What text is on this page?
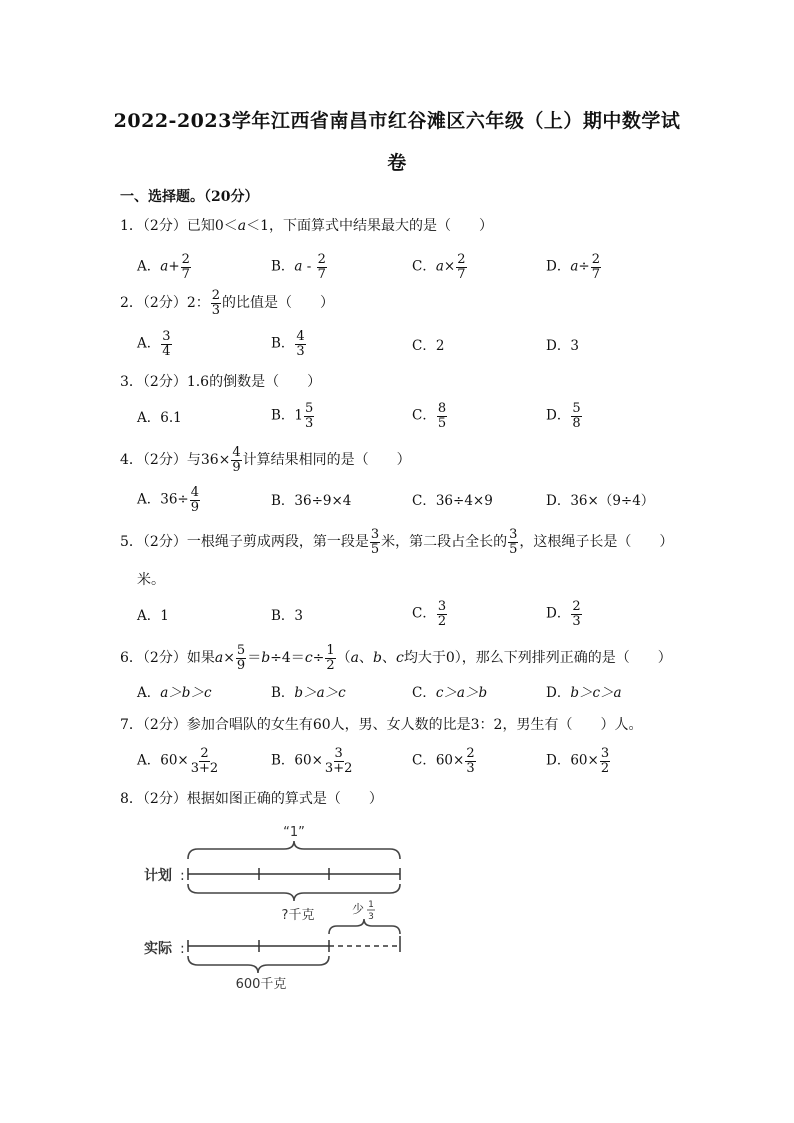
2022-2023学年江西省南昌市红谷滩区六年级（上）期中数学试
卷
一、选择题。（20分）
1．（2分）已知0＜a＜1，下面算式中结果最大的是（　　）
A．$a+ \frac{2}{7}$	B．a - $\frac{2}{7}$	C．$a\times \frac{2}{7}$	D．$a\div \frac{2}{7}$
2．（2分）2： $\frac{2}{3}$ 的比值是（　　）
A． $\frac{3}{4}$	B． $\frac{4}{3}$	C．2	D．3
3．（2分）1.6的倒数是（　　）
A．6.1	B．$1 \frac{5}{3}$	C． $\frac{8}{5}$	D． $\frac{5}{8}$
4．（2分）与$36\times \frac{4}{9}$ 计算结果相同的是（　　）
A．$36\div \frac{4}{9}$	B．36÷9×4	C．36÷4×9	D．36×（9÷4）
5．（2分）一根绳子剪成两段，第一段是 $\frac{3}{5}$ 米，第二段占全长的 $\frac{3}{5}$ ，这根绳子长是（　　）
米。
A．1	B．3	C． $\frac{3}{2}$	D． $\frac{2}{3}$
6．（2分）如果$a\times \frac{5}{9} =b\div 4=c\div \frac{1}{2} (a$、b、c均大于0），那么下列排列正确的是（　　）
A．a＞b＞c	B．b＞a＞c	C．c＞a＞b	D．b＞c＞a
7．（2分）参加合唱队的女生有60人，男、女人数的比是3：2，男生有（　　）人。
A．$60\times \frac{2}{3+2}$	B．$60\times \frac{3}{3+2}$	C．$60\times \frac{2}{3}$	D．$60\times \frac{3}{2}$
8．（2分）根据如图正确的算式是（　　）
“1”
计划 :
?千克	少 1
3
实际 :
600千克
